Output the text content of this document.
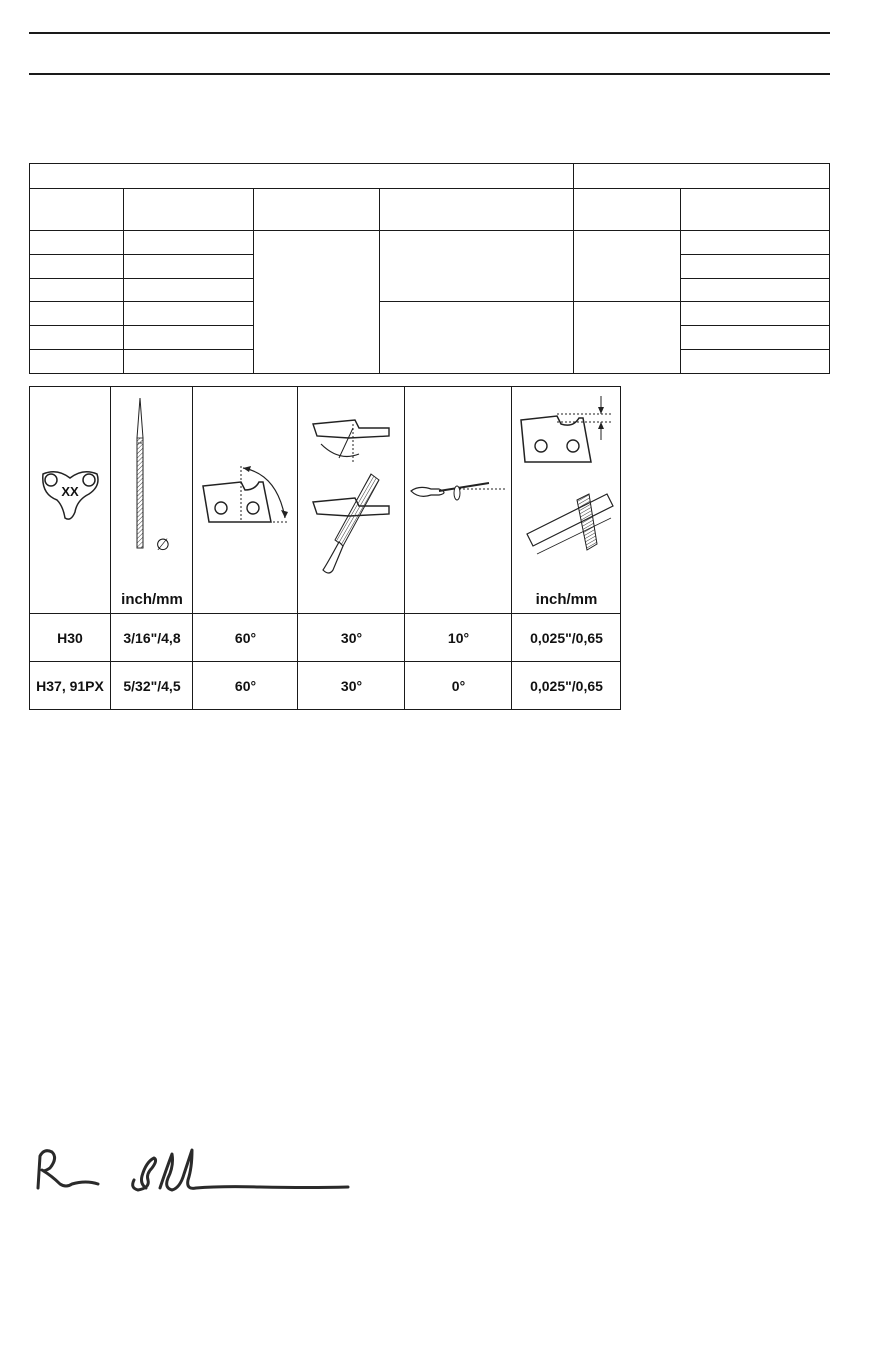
XX
∅
inch/mm	inch/mm
H30	3/16"/4,8	60°	30°	10°	0,025"/0,65
H37, 91PX	5/32"/4,5	60°	30°	0°	0,025"/0,65
